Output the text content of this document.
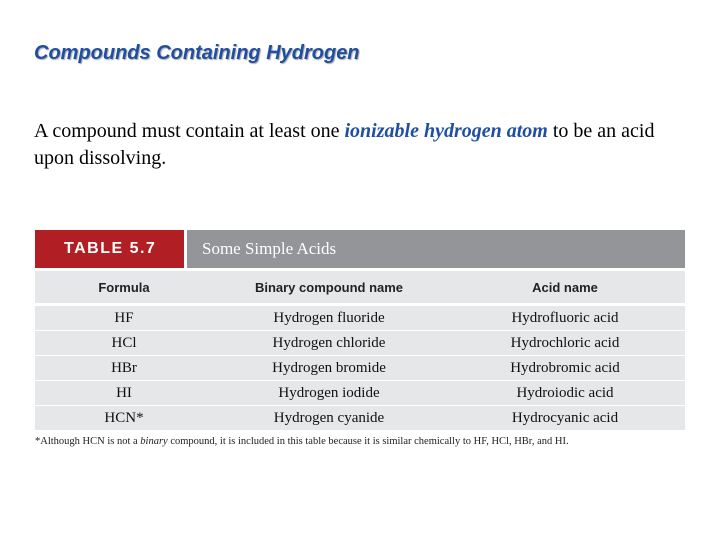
Compounds Containing Hydrogen

A compound must contain at least one ionizable hydrogen atom to be an acid upon dissolving.

TABLE 5.7	Some Simple Acids
Formula	Binary compound name	Acid name
HF	Hydrogen fluoride	Hydrofluoric acid
HCl	Hydrogen chloride	Hydrochloric acid
HBr	Hydrogen bromide	Hydrobromic acid
HI	Hydrogen iodide	Hydroiodic acid
HCN*	Hydrogen cyanide	Hydrocyanic acid

*Although HCN is not a binary compound, it is included in this table because it is similar chemically to HF, HCl, HBr, and HI.
